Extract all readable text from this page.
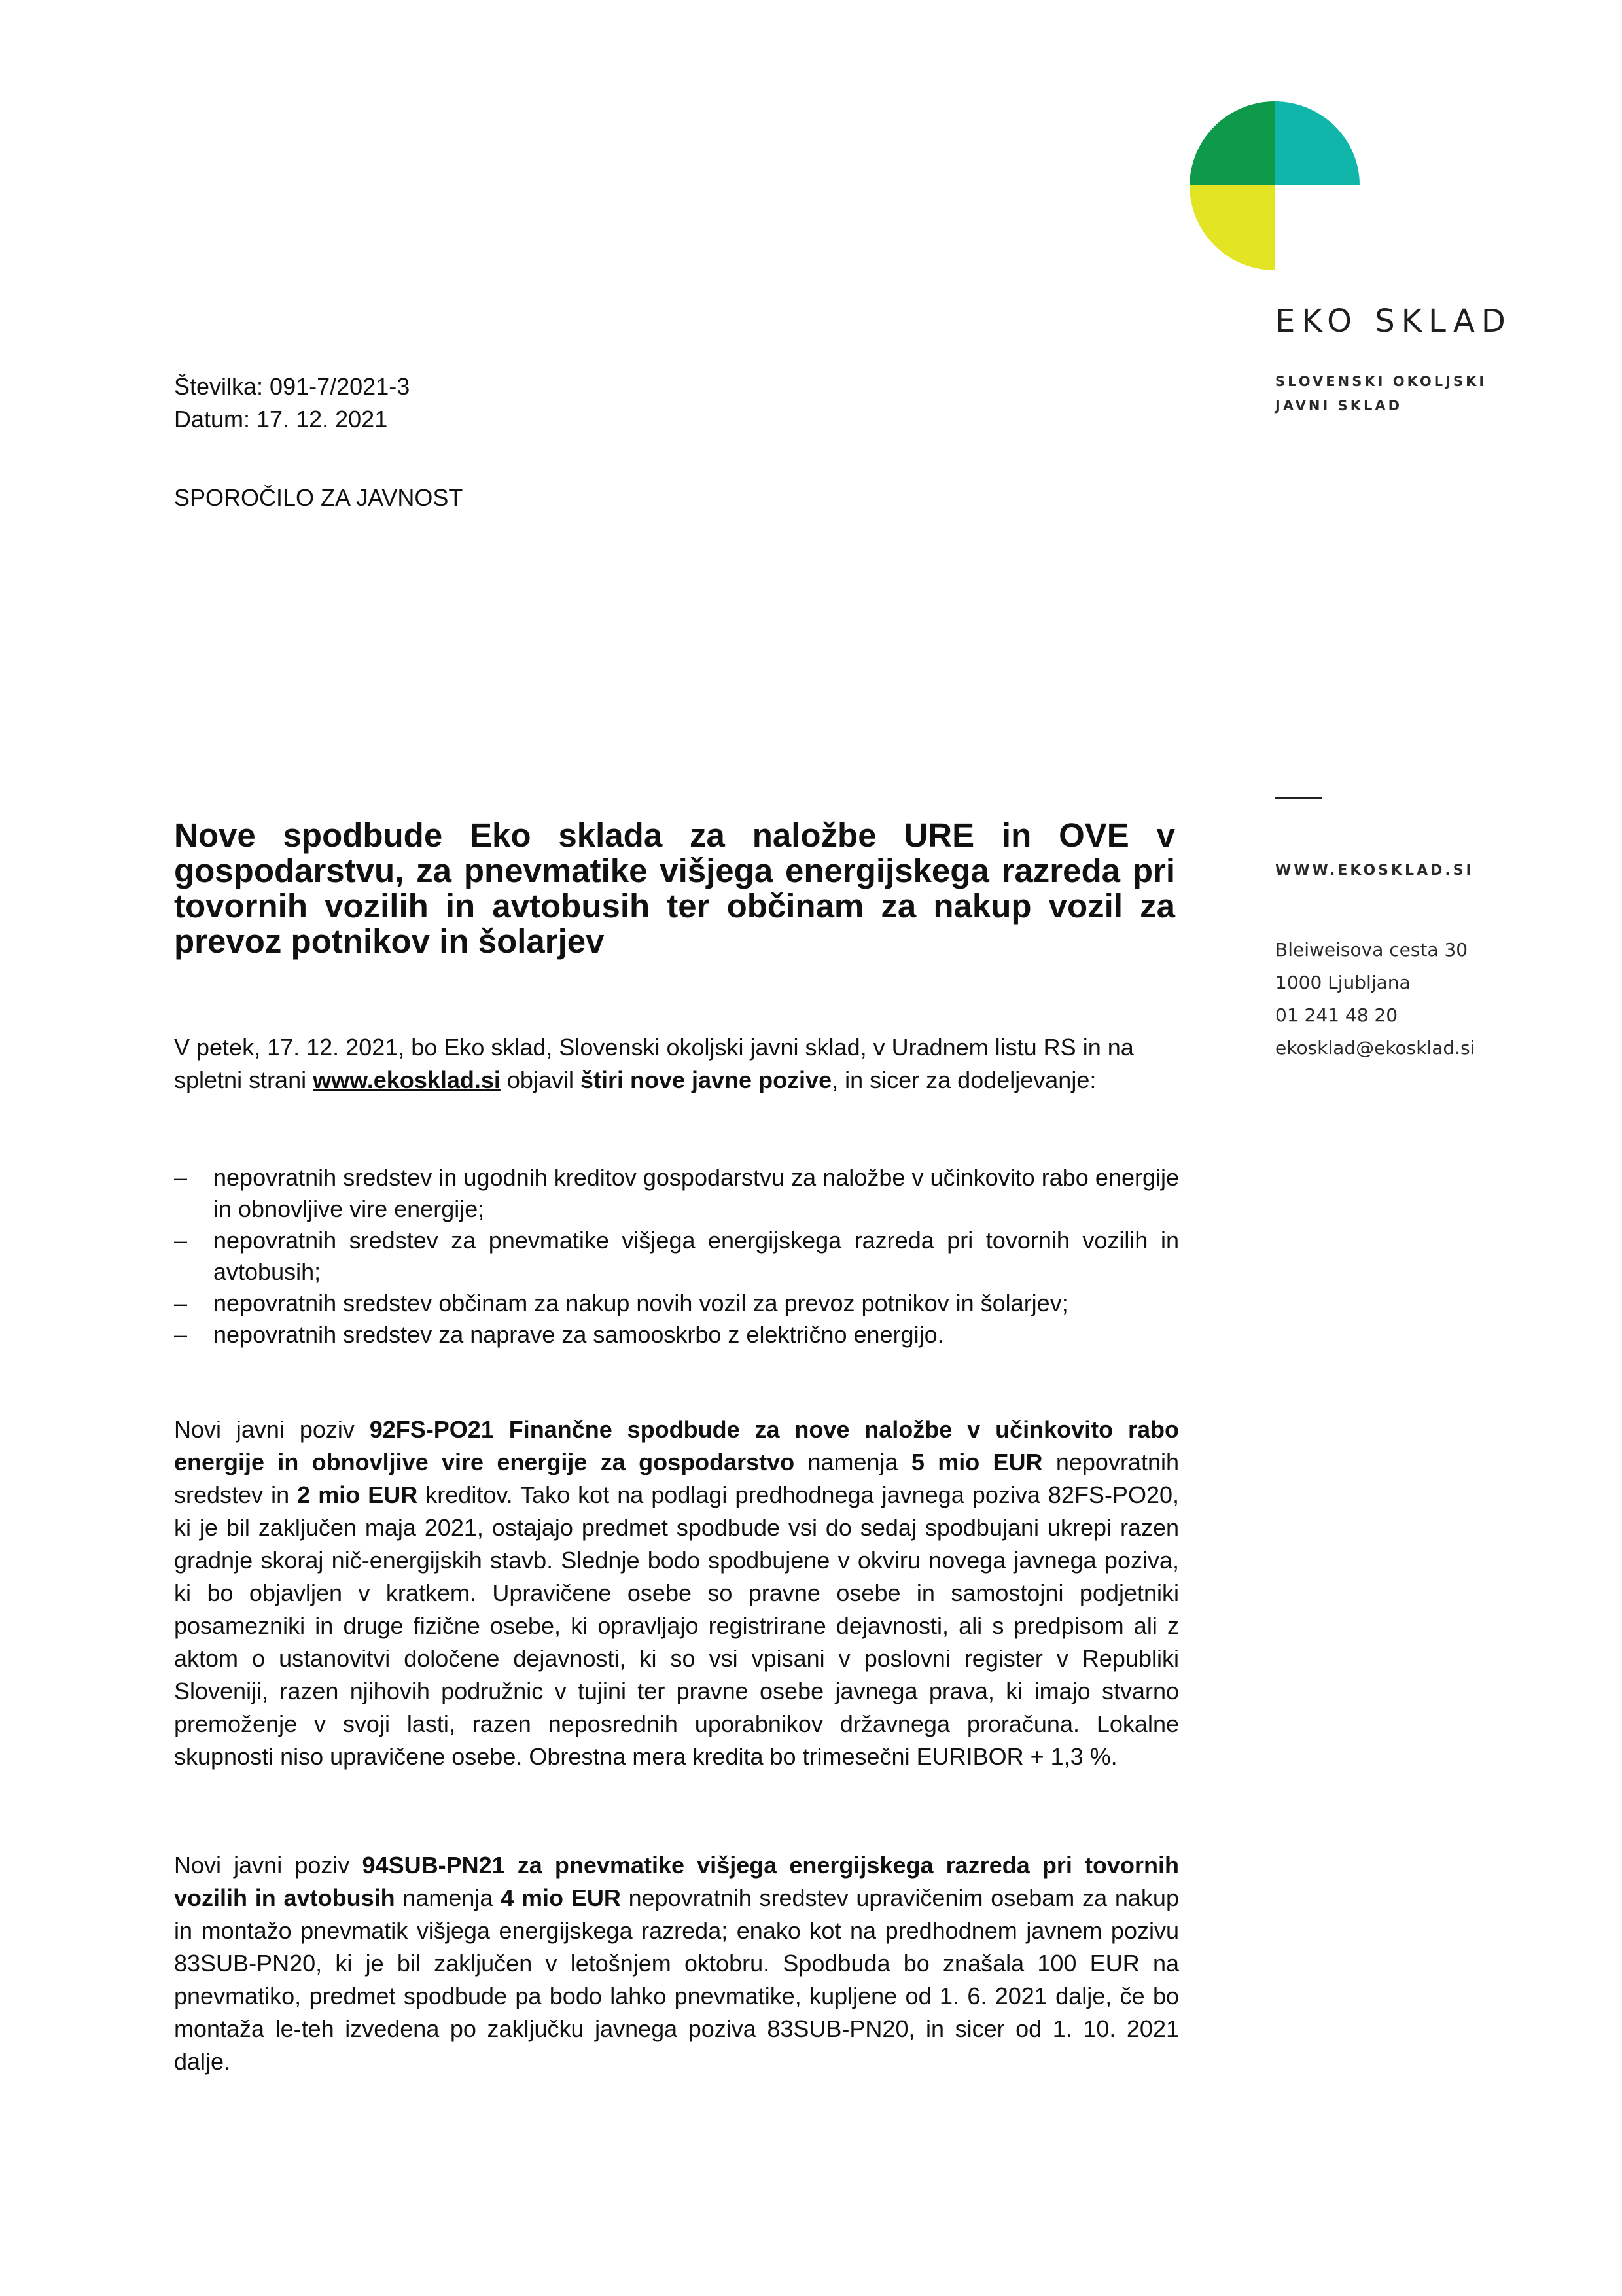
EKO SKLAD
SLOVENSKI OKOLJSKI
JAVNI SKLAD
WWW.EKOSKLAD.SI
Bleiweisova cesta 30
1000 Ljubljana
01 241 48 20
ekosklad@ekosklad.si
Številka: 091-7/2021-3
Datum: 17. 12. 2021
SPOROČILO ZA JAVNOST
Nove spodbude Eko sklada za naložbe URE in OVE v gospodarstvu, za pnevmatike višjega energijskega razreda pri tovornih vozilih in avtobusih ter občinam za nakup vozil za prevoz potnikov in šolarjev
V petek, 17. 12. 2021, bo Eko sklad, Slovenski okoljski javni sklad, v Uradnem listu RS in na spletni strani www.ekosklad.si objavil štiri nove javne pozive, in sicer za dodeljevanje:
– nepovratnih sredstev in ugodnih kreditov gospodarstvu za naložbe v učinkovito rabo energije in obnovljive vire energije;
– nepovratnih sredstev za pnevmatike višjega energijskega razreda pri tovornih vozilih in avtobusih;
– nepovratnih sredstev občinam za nakup novih vozil za prevoz potnikov in šolarjev;
– nepovratnih sredstev za naprave za samooskrbo z električno energijo.
Novi javni poziv 92FS-PO21 Finančne spodbude za nove naložbe v učinkovito rabo energije in obnovljive vire energije za gospodarstvo namenja 5 mio EUR nepovratnih sredstev in 2 mio EUR kreditov. Tako kot na podlagi predhodnega javnega poziva 82FS-PO20, ki je bil zaključen maja 2021, ostajajo predmet spodbude vsi do sedaj spodbujani ukrepi razen gradnje skoraj nič-energijskih stavb. Slednje bodo spodbujene v okviru novega javnega poziva, ki bo objavljen v kratkem. Upravičene osebe so pravne osebe in samostojni podjetniki posamezniki in druge fizične osebe, ki opravljajo registrirane dejavnosti, ali s predpisom ali z aktom o ustanovitvi določene dejavnosti, ki so vsi vpisani v poslovni register v Republiki Sloveniji, razen njihovih podružnic v tujini ter pravne osebe javnega prava, ki imajo stvarno premoženje v svoji lasti, razen neposrednih uporabnikov državnega proračuna. Lokalne skupnosti niso upravičene osebe. Obrestna mera kredita bo trimesečni EURIBOR + 1,3 %.
Novi javni poziv 94SUB-PN21 za pnevmatike višjega energijskega razreda pri tovornih vozilih in avtobusih namenja 4 mio EUR nepovratnih sredstev upravičenim osebam za nakup in montažo pnevmatik višjega energijskega razreda; enako kot na predhodnem javnem pozivu 83SUB-PN20, ki je bil zaključen v letošnjem oktobru. Spodbuda bo znašala 100 EUR na pnevmatiko, predmet spodbude pa bodo lahko pnevmatike, kupljene od 1. 6. 2021 dalje, če bo montaža le-teh izvedena po zaključku javnega poziva 83SUB-PN20, in sicer od 1. 10. 2021 dalje.
